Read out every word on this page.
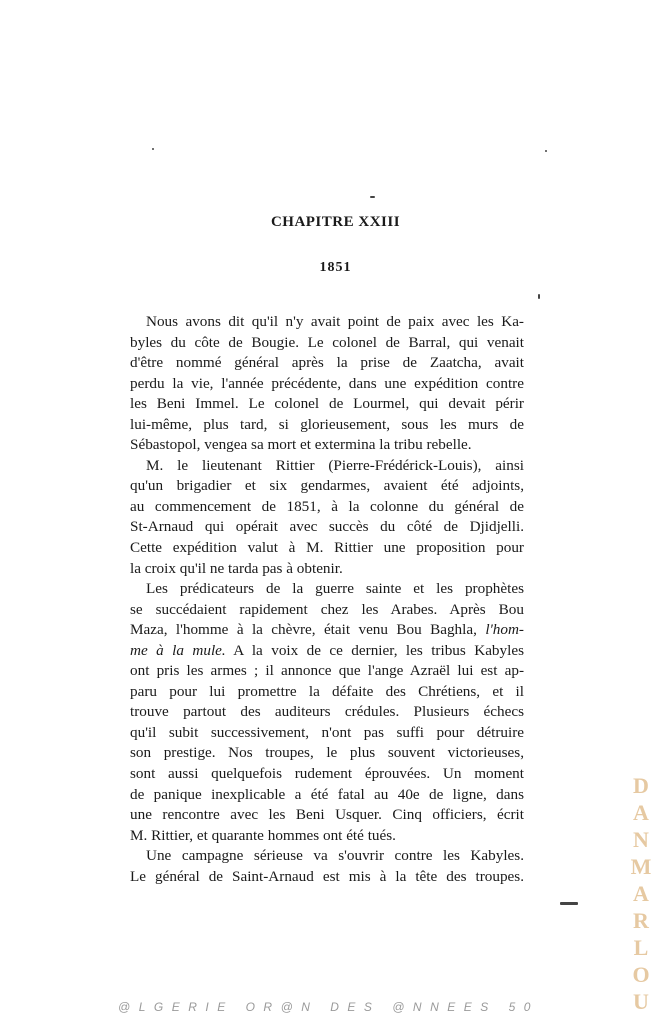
CHAPITRE XXIII
1851
Nous avons dit qu'il n'y avait point de paix avec les Ka-
byles du côte de Bougie. Le colonel de Barral, qui venait
d'être nommé général après la prise de Zaatcha, avait
perdu la vie, l'année précédente, dans une expédition contre
les Beni Immel. Le colonel de Lourmel, qui devait périr
lui-même, plus tard, si glorieusement, sous les murs de
Sébastopol, vengea sa mort et extermina la tribu rebelle.
M. le lieutenant Rittier (Pierre-Frédérick-Louis), ainsi
qu'un brigadier et six gendarmes, avaient été adjoints,
au commencement de 1851, à la colonne du général de
St-Arnaud qui opérait avec succès du côté de Djidjelli.
Cette expédition valut à M. Rittier une proposition pour
la croix qu'il ne tarda pas à obtenir.
Les prédicateurs de la guerre sainte et les prophètes
se succédaient rapidement chez les Arabes. Après Bou
Maza, l'homme à la chèvre, était venu Bou Baghla, l'hom-
me à la mule. A la voix de ce dernier, les tribus Kabyles
ont pris les armes ; il annonce que l'ange Azraël lui est ap-
paru pour lui promettre la défaite des Chrétiens, et il
trouve partout des auditeurs crédules. Plusieurs échecs
qu'il subit successivement, n'ont pas suffi pour détruire
son prestige. Nos troupes, le plus souvent victorieuses,
sont aussi quelquefois rudement éprouvées. Un moment
de panique inexplicable a été fatal au 40e de ligne, dans
une rencontre avec les Beni Usquer. Cinq officiers, écrit
M. Rittier, et quarante hommes ont été tués.
Une campagne sérieuse va s'ouvrir contre les Kabyles.
Le général de Saint-Arnaud est mis à la tête des troupes.
D
A
N
M
A
R
L
O
U
@LGERIE OR@N DES @NNEES 50
